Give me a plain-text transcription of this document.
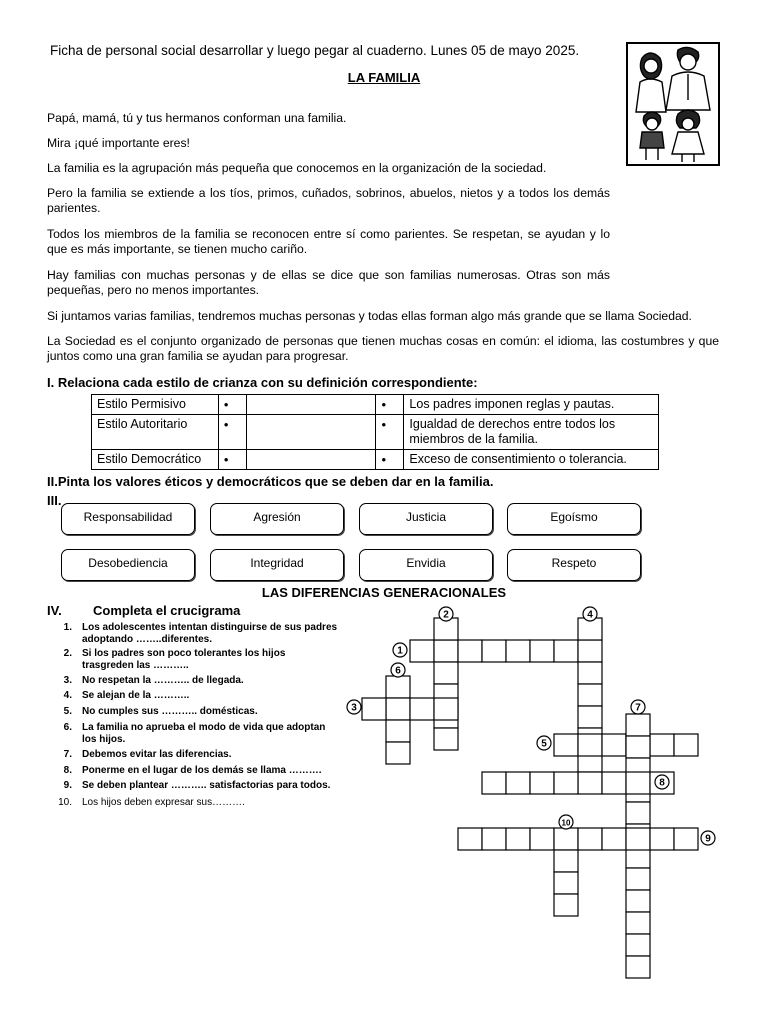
Ficha de personal social desarrollar y luego pegar al cuaderno. Lunes 05 de mayo 2025.
LA FAMILIA

Papá, mamá, tú y tus hermanos conforman una familia.

Mira ¡qué importante eres!

La familia es la agrupación más pequeña que conocemos en la organización de la sociedad.

Pero la familia se extiende a los tíos, primos, cuñados, sobrinos, abuelos, nietos y a todos los demás parientes.

Todos los miembros de la familia se reconocen entre sí como parientes. Se respetan, se ayudan y lo que es más importante, se tienen mucho cariño.

Hay familias con muchas personas y de ellas se dice que son familias numerosas. Otras son más pequeñas, pero no menos importantes.

Si juntamos varias familias, tendremos muchas personas y todas ellas forman algo más grande que se llama Sociedad.

La Sociedad es el conjunto organizado de personas que tienen muchas cosas en común: el idioma, las costumbres y que juntos como una gran familia se ayudan para progresar.

I. Relaciona cada estilo de crianza con su definición correspondiente:
Estilo Permisivo	•		•	Los padres imponen reglas y pautas.
Estilo Autoritario	•		•	Igualdad de derechos entre todos los miembros de la familia.
Estilo Democrático	•		•	Exceso de consentimiento o tolerancia.
II.Pinta los valores éticos y democráticos que se deben dar en la familia.
III.
Responsabilidad	Agresión	Justicia	Egoísmo
Desobediencia	Integridad	Envidia	Respeto
LAS DIFERENCIAS GENERACIONALES
IV. Completa el crucigrama
1. Los adolescentes intentan distinguirse de sus padres adoptando ……..diferentes.
2. Si los padres son poco tolerantes los hijos trasgreden las ………..
3. No respetan la ……….. de llegada.
4. Se alejan de la ………..
5. No cumples sus ……….. domésticas.
6. La familia no aprueba el modo de vida que adoptan los hijos.
7. Debemos evitar las diferencias.
8. Ponerme en el lugar de los demás se llama ……….
9. Se deben plantear ……….. satisfactorias para todos.
10. Los hijos deben expresar sus……….
1
2
3
4
5
6
7
8
9
10
